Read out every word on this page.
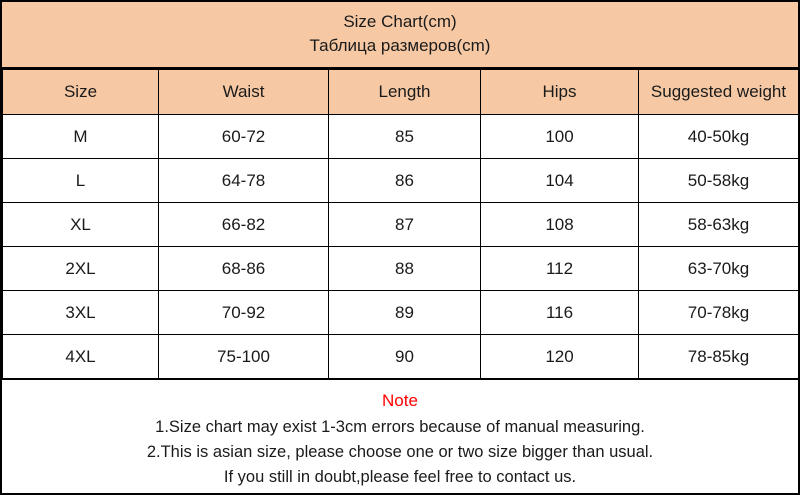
Size Chart(cm)
Таблица размеров(cm)
Size	Waist	Length	Hips	Suggested weight
M	60-72	85	100	40-50kg
L	64-78	86	104	50-58kg
XL	66-82	87	108	58-63kg
2XL	68-86	88	112	63-70kg
3XL	70-92	89	116	70-78kg
4XL	75-100	90	120	78-85kg
Note
1.Size chart may exist 1-3cm errors because of manual measuring.
2.This is asian size, please choose one or two size bigger than usual.
If you still in doubt,please feel free to contact us.
